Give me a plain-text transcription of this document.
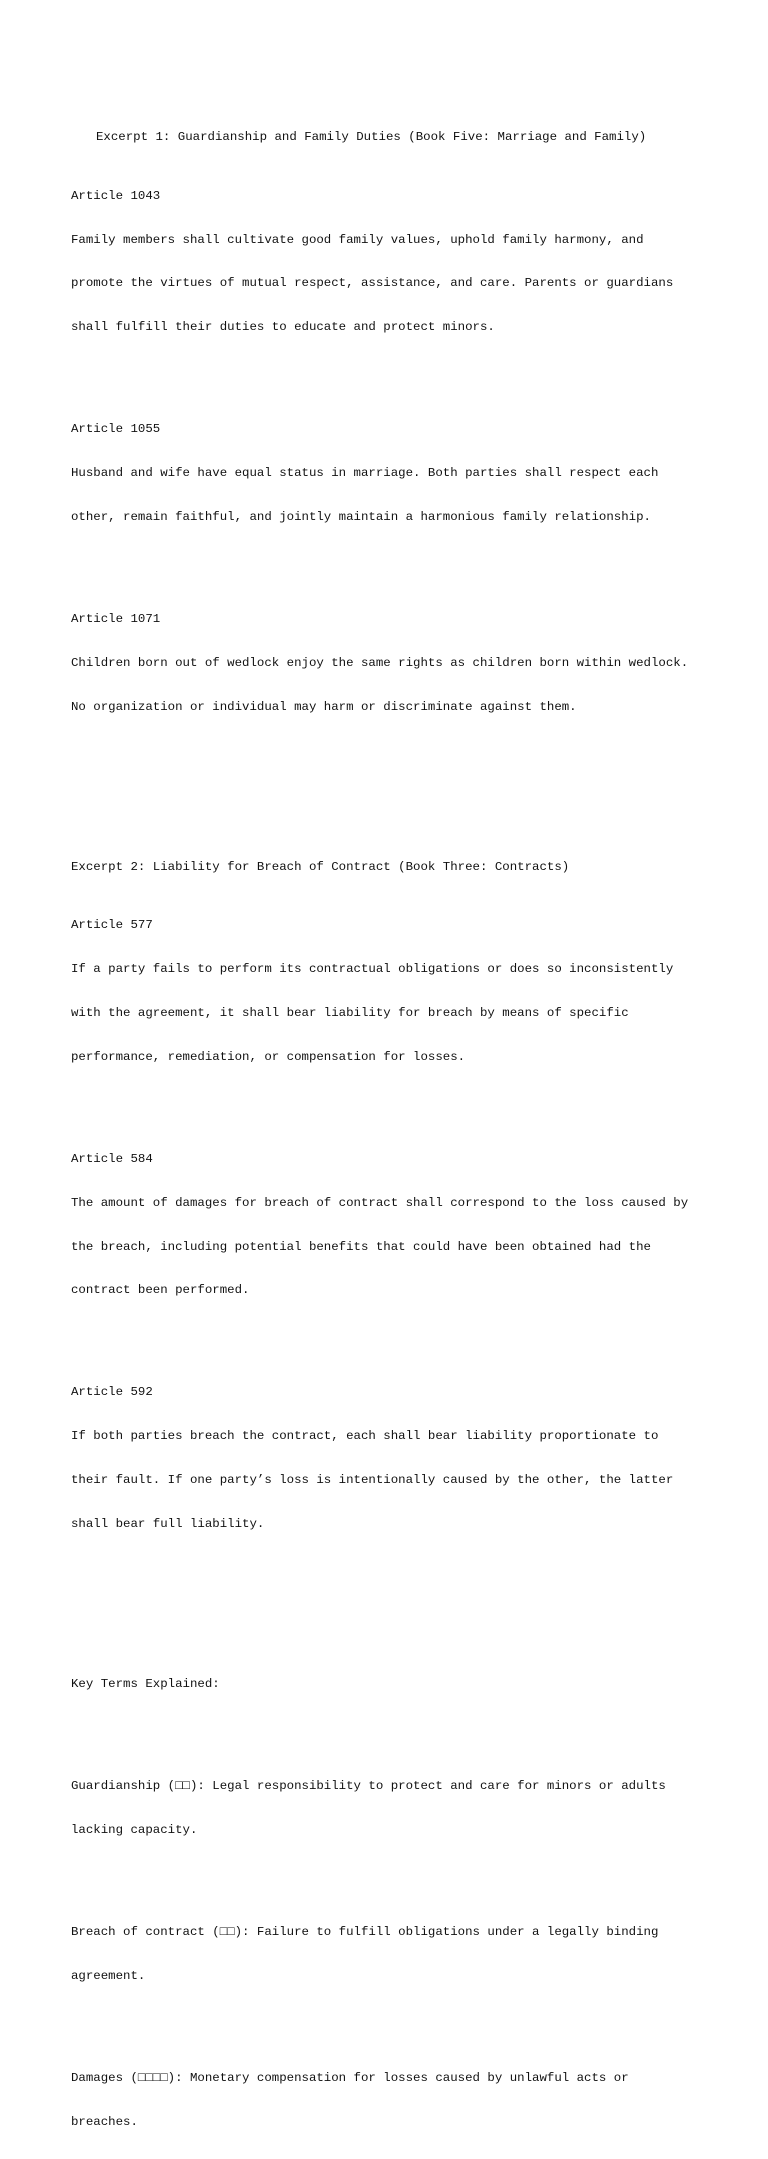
Excerpt 1: Guardianship and Family Duties (Book Five: Marriage and Family)

Article 1043

Family members shall cultivate good family values, uphold family harmony, and

promote the virtues of mutual respect, assistance, and care. Parents or guardians

shall fulfill their duties to educate and protect minors.

Article 1055

Husband and wife have equal status in marriage. Both parties shall respect each

other, remain faithful, and jointly maintain a harmonious family relationship.

Article 1071

Children born out of wedlock enjoy the same rights as children born within wedlock.

No organization or individual may harm or discriminate against them.

Excerpt 2: Liability for Breach of Contract (Book Three: Contracts)

Article 577

If a party fails to perform its contractual obligations or does so inconsistently

with the agreement, it shall bear liability for breach by means of specific

performance, remediation, or compensation for losses.

Article 584

The amount of damages for breach of contract shall correspond to the loss caused by

the breach, including potential benefits that could have been obtained had the

contract been performed.

Article 592

If both parties breach the contract, each shall bear liability proportionate to

their fault. If one party’s loss is intentionally caused by the other, the latter

shall bear full liability.

Key Terms Explained:

Guardianship (□□): Legal responsibility to protect and care for minors or adults

lacking capacity.

Breach of contract (□□): Failure to fulfill obligations under a legally binding

agreement.

Damages (□□□□): Monetary compensation for losses caused by unlawful acts or

breaches.
